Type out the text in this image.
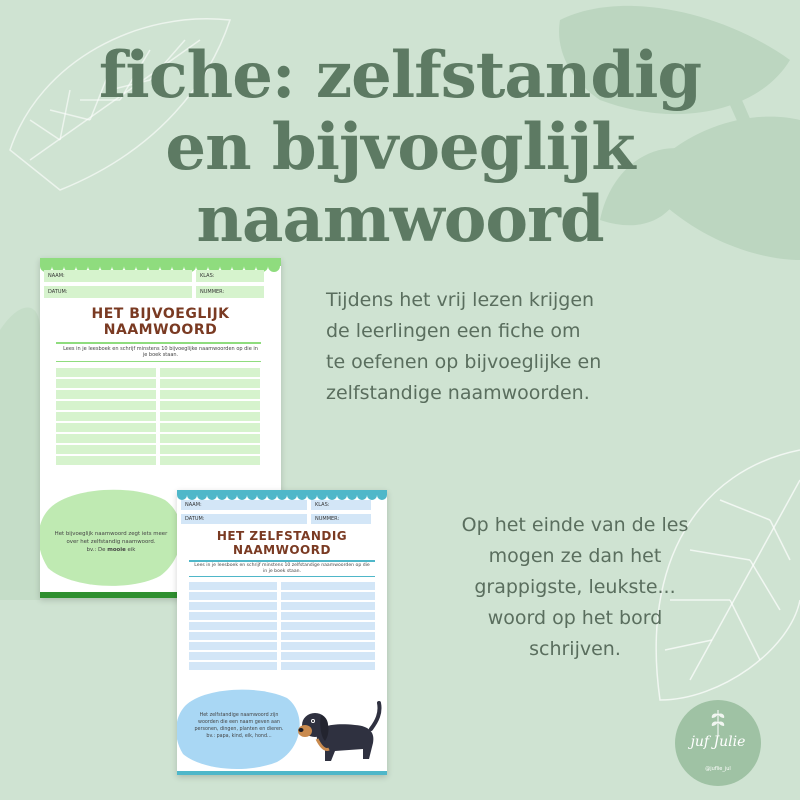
fiche: zelfstandig
en bijvoeglijk
naamwoord
NAAM:	KLAS:
DATUM:	NUMMER:
HET BIJVOEGLIJK
NAAMWOORD
Lees in je leesboek en schrijf minstens 10 bijvoeglijke naamwoorden op die in
je boek staan.
Het bijvoeglijk naamwoord zegt iets meer
over het zelfstandig naamwoord.
bv.: De mooie eik
NAAM:	KLAS:
DATUM:	NUMMER:
HET ZELFSTANDIG
NAAMWOORD
Lees in je leesboek en schrijf minstens 10 zelfstandige naamwoorden op die
in je boek staan.
Het zelfstandige naamwoord zijn
woorden die een naam geven aan
personen, dingen, planten en dieren.
bv.: papa, kind, eik, hond...
Tijdens het vrij lezen krijgen
de leerlingen een fiche om
te oefenen op bijvoeglijke en
zelfstandige naamwoorden.
Op het einde van de les
mogen ze dan het
grappigste, leukste...
woord op het bord
schrijven.
juf Julie
@juflie_jul
